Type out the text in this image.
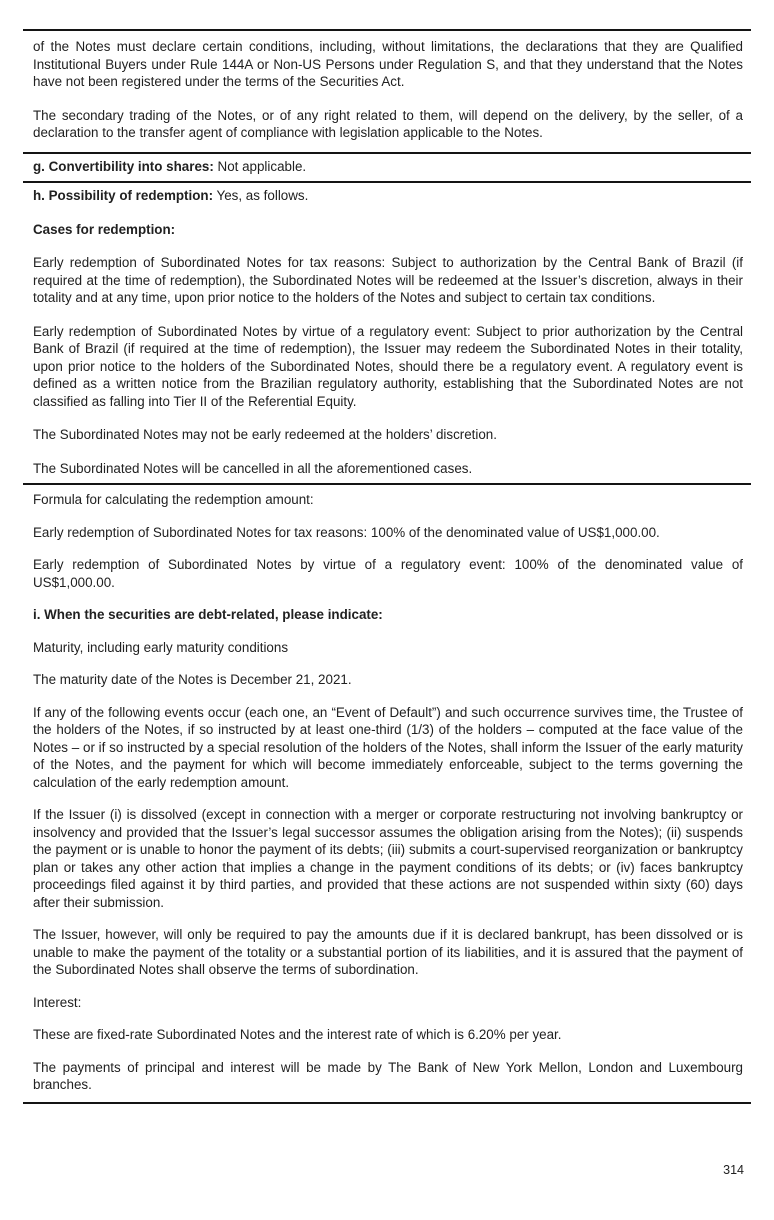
of the Notes must declare certain conditions, including, without limitations, the declarations that they are Qualified Institutional Buyers under Rule 144A or Non-US Persons under Regulation S, and that they understand that the Notes have not been registered under the terms of the Securities Act.

The secondary trading of the Notes, or of any right related to them, will depend on the delivery, by the seller, of a declaration to the transfer agent of compliance with legislation applicable to the Notes.

g. Convertibility into shares: Not applicable.

h. Possibility of redemption: Yes, as follows.

Cases for redemption:

Early redemption of Subordinated Notes for tax reasons: Subject to authorization by the Central Bank of Brazil (if required at the time of redemption), the Subordinated Notes will be redeemed at the Issuer’s discretion, always in their totality and at any time, upon prior notice to the holders of the Notes and subject to certain tax conditions.

Early redemption of Subordinated Notes by virtue of a regulatory event: Subject to prior authorization by the Central Bank of Brazil (if required at the time of redemption), the Issuer may redeem the Subordinated Notes in their totality, upon prior notice to the holders of the Subordinated Notes, should there be a regulatory event. A regulatory event is defined as a written notice from the Brazilian regulatory authority, establishing that the Subordinated Notes are not classified as falling into Tier II of the Referential Equity.

The Subordinated Notes may not be early redeemed at the holders’ discretion.

The Subordinated Notes will be cancelled in all the aforementioned cases.

Formula for calculating the redemption amount:

Early redemption of Subordinated Notes for tax reasons: 100% of the denominated value of US$1,000.00.

Early redemption of Subordinated Notes by virtue of a regulatory event: 100% of the denominated value of US$1,000.00.

i. When the securities are debt-related, please indicate:

Maturity, including early maturity conditions

The maturity date of the Notes is December 21, 2021.

If any of the following events occur (each one, an “Event of Default”) and such occurrence survives time, the Trustee of the holders of the Notes, if so instructed by at least one-third (1/3) of the holders – computed at the face value of the Notes – or if so instructed by a special resolution of the holders of the Notes, shall inform the Issuer of the early maturity of the Notes, and the payment for which will become immediately enforceable, subject to the terms governing the calculation of the early redemption amount.

If the Issuer (i) is dissolved (except in connection with a merger or corporate restructuring not involving bankruptcy or insolvency and provided that the Issuer’s legal successor assumes the obligation arising from the Notes); (ii) suspends the payment or is unable to honor the payment of its debts; (iii) submits a court-supervised reorganization or bankruptcy plan or takes any other action that implies a change in the payment conditions of its debts; or (iv) faces bankruptcy proceedings filed against it by third parties, and provided that these actions are not suspended within sixty (60) days after their submission.

The Issuer, however, will only be required to pay the amounts due if it is declared bankrupt, has been dissolved or is unable to make the payment of the totality or a substantial portion of its liabilities, and it is assured that the payment of the Subordinated Notes shall observe the terms of subordination.

Interest:

These are fixed-rate Subordinated Notes and the interest rate of which is 6.20% per year.

The payments of principal and interest will be made by The Bank of New York Mellon, London and Luxembourg branches.

314
